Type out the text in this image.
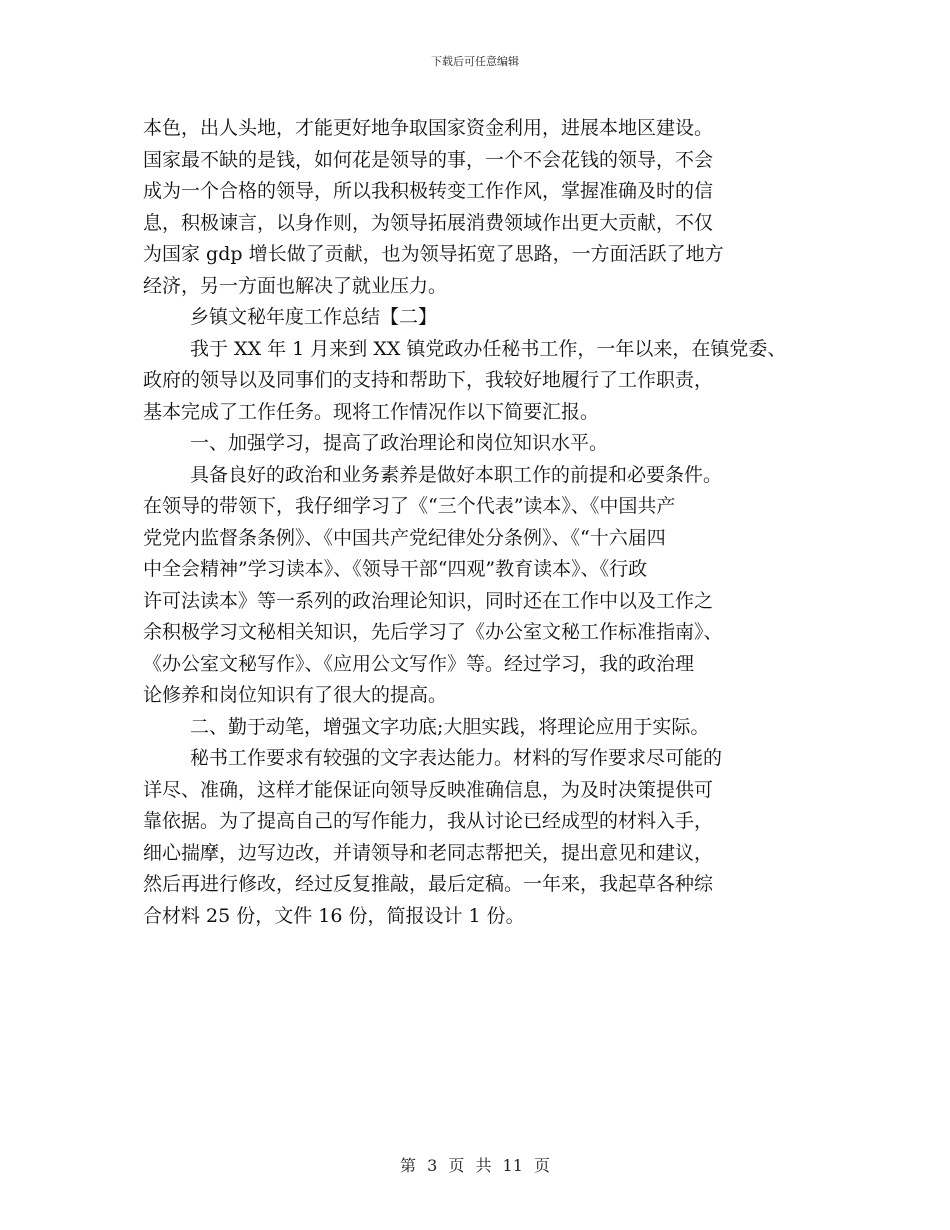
下载后可任意编辑
本色，出人头地，才能更好地争取国家资金利用，进展本地区建设。
国家最不缺的是钱，如何花是领导的事，一个不会花钱的领导，不会
成为一个合格的领导，所以我积极转变工作作风，掌握准确及时的信
息，积极谏言，以身作则，为领导拓展消费领域作出更大贡献，不仅
为国家 gdp 增长做了贡献，也为领导拓宽了思路，一方面活跃了地方
经济，另一方面也解决了就业压力。
乡镇文秘年度工作总结【二】
我于 XX 年 1 月来到 XX 镇党政办任秘书工作，一年以来，在镇党委、
政府的领导以及同事们的支持和帮助下，我较好地履行了工作职责，
基本完成了工作任务。现将工作情况作以下简要汇报。
一、加强学习，提高了政治理论和岗位知识水平。
具备良好的政治和业务素养是做好本职工作的前提和必要条件。
在领导的带领下，我仔细学习了《“三个代表”读本》、《中国共产
党党内监督条条例》、《中国共产党纪律处分条例》、《“十六届四
中全会精神”学习读本》、《领导干部“四观”教育读本》、《行政
许可法读本》等一系列的政治理论知识，同时还在工作中以及工作之
余积极学习文秘相关知识，先后学习了《办公室文秘工作标准指南》、
《办公室文秘写作》、《应用公文写作》等。经过学习，我的政治理
论修养和岗位知识有了很大的提高。
二、勤于动笔，增强文字功底;大胆实践，将理论应用于实际。
秘书工作要求有较强的文字表达能力。材料的写作要求尽可能的
详尽、准确，这样才能保证向领导反映准确信息，为及时决策提供可
靠依据。为了提高自己的写作能力，我从讨论已经成型的材料入手，
细心揣摩，边写边改，并请领导和老同志帮把关，提出意见和建议，
然后再进行修改，经过反复推敲，最后定稿。一年来，我起草各种综
合材料 25 份，文件 16 份，简报设计 1 份。
第 3 页 共 11 页
